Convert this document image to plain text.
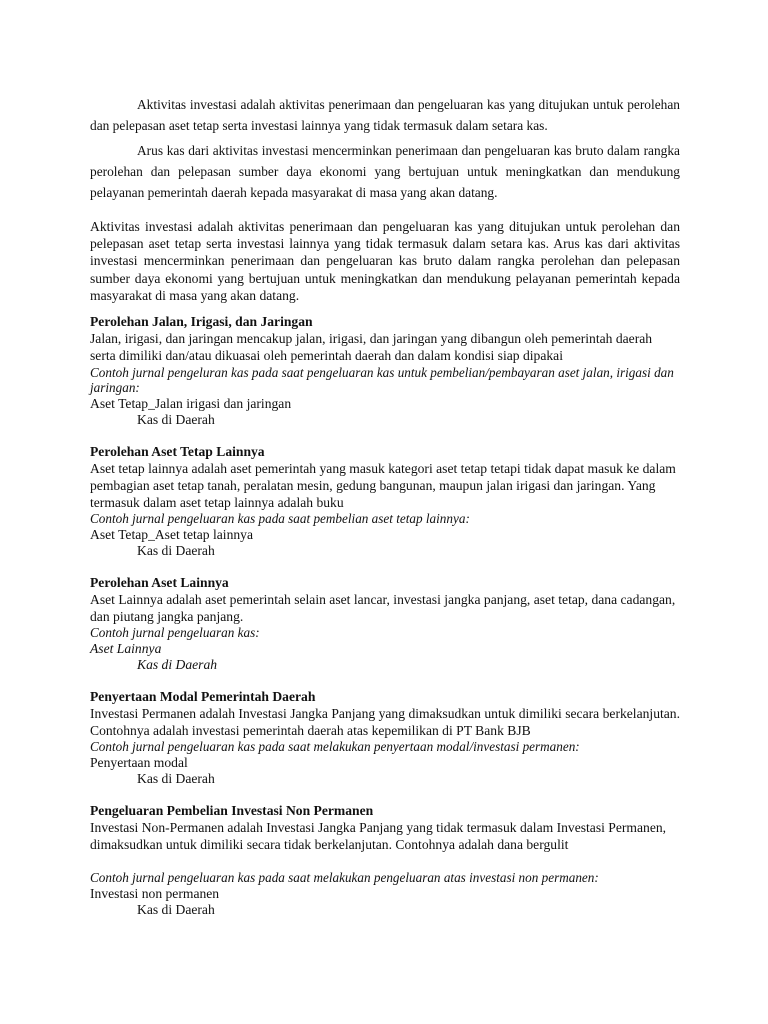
Aktivitas investasi adalah aktivitas penerimaan dan pengeluaran kas yang ditujukan untuk perolehan dan pelepasan aset tetap serta investasi lainnya yang tidak termasuk dalam setara kas.

Arus kas dari aktivitas investasi mencerminkan penerimaan dan pengeluaran kas bruto dalam rangka perolehan dan pelepasan sumber daya ekonomi yang bertujuan untuk meningkatkan dan mendukung pelayanan pemerintah daerah kepada masyarakat di masa yang akan datang.

Aktivitas investasi adalah aktivitas penerimaan dan pengeluaran kas yang ditujukan untuk perolehan dan pelepasan aset tetap serta investasi lainnya yang tidak termasuk dalam setara kas. Arus kas dari aktivitas investasi mencerminkan penerimaan dan pengeluaran kas bruto dalam rangka perolehan dan pelepasan sumber daya ekonomi yang bertujuan untuk meningkatkan dan mendukung pelayanan pemerintah kepada masyarakat di masa yang akan datang.

Perolehan Jalan, Irigasi, dan Jaringan

Jalan, irigasi, dan jaringan mencakup jalan, irigasi, dan jaringan yang dibangun oleh pemerintah daerah serta dimiliki dan/atau dikuasai oleh pemerintah daerah dan dalam kondisi siap dipakai

Contoh jurnal pengeluran kas pada saat pengeluaran kas untuk pembelian/pembayaran aset jalan, irigasi dan jaringan:

Aset Tetap_Jalan irigasi dan jaringan

Kas di Daerah

Perolehan Aset Tetap Lainnya

Aset tetap lainnya adalah aset pemerintah yang masuk kategori aset tetap tetapi tidak dapat masuk ke dalam pembagian aset tetap tanah, peralatan mesin, gedung bangunan, maupun jalan irigasi dan jaringan. Yang termasuk dalam aset tetap lainnya adalah buku

Contoh jurnal pengeluaran kas pada saat pembelian aset tetap lainnya:

Aset Tetap_Aset tetap lainnya

Kas di Daerah

Perolehan Aset Lainnya

Aset Lainnya adalah aset pemerintah selain aset lancar, investasi jangka panjang, aset tetap, dana cadangan, dan piutang jangka panjang.

Contoh jurnal pengeluaran kas:

Aset Lainnya

Kas di Daerah

Penyertaan Modal Pemerintah Daerah

Investasi Permanen adalah Investasi Jangka Panjang yang dimaksudkan untuk dimiliki secara berkelanjutan. Contohnya adalah investasi pemerintah daerah atas kepemilikan di PT Bank BJB

Contoh jurnal pengeluaran kas pada saat melakukan penyertaan modal/investasi permanen:

Penyertaan modal

Kas di Daerah

Pengeluaran Pembelian Investasi Non Permanen

Investasi Non-Permanen adalah Investasi Jangka Panjang yang tidak termasuk dalam Investasi Permanen, dimaksudkan untuk dimiliki secara tidak berkelanjutan. Contohnya adalah dana bergulit

Contoh jurnal pengeluaran kas pada saat melakukan pengeluaran atas investasi non permanen:

Investasi non permanen

Kas di Daerah
